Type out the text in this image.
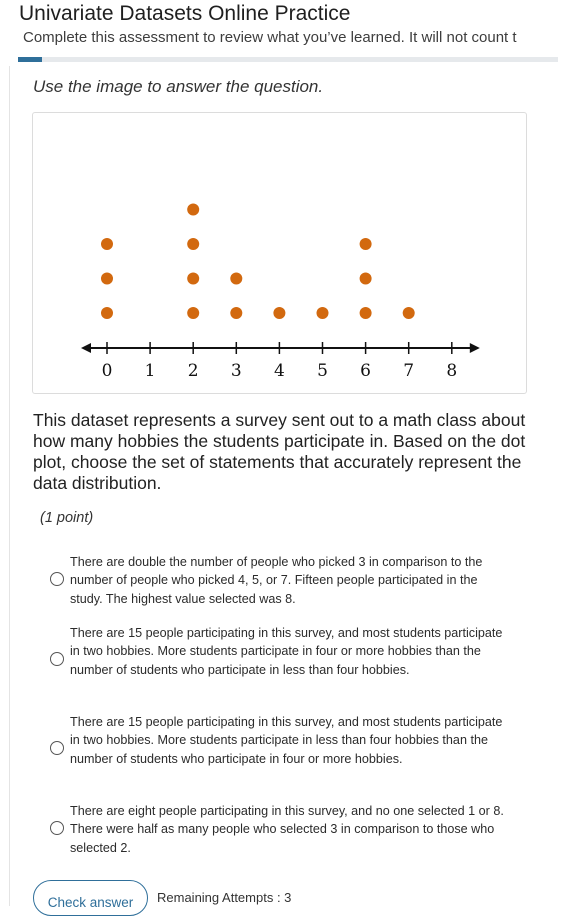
Univariate Datasets Online Practice
Complete this assessment to review what you’ve learned. It will not count t
Use the image to answer the question.
0 1 2 3 4 5 6 7 8
This dataset represents a survey sent out to a math class about how many hobbies the students participate in. Based on the dot plot, choose the set of statements that accurately represent the data distribution.
(1 point)
There are double the number of people who picked 3 in comparison to the number of people who picked 4, 5, or 7. Fifteen people participated in the study. The highest value selected was 8.
There are 15 people participating in this survey, and most students participate in two hobbies. More students participate in four or more hobbies than the number of students who participate in less than four hobbies.
There are 15 people participating in this survey, and most students participate in two hobbies. More students participate in less than four hobbies than the number of students who participate in four or more hobbies.
There are eight people participating in this survey, and no one selected 1 or 8. There were half as many people who selected 3 in comparison to those who selected 2.
Check answer	Remaining Attempts : 3
